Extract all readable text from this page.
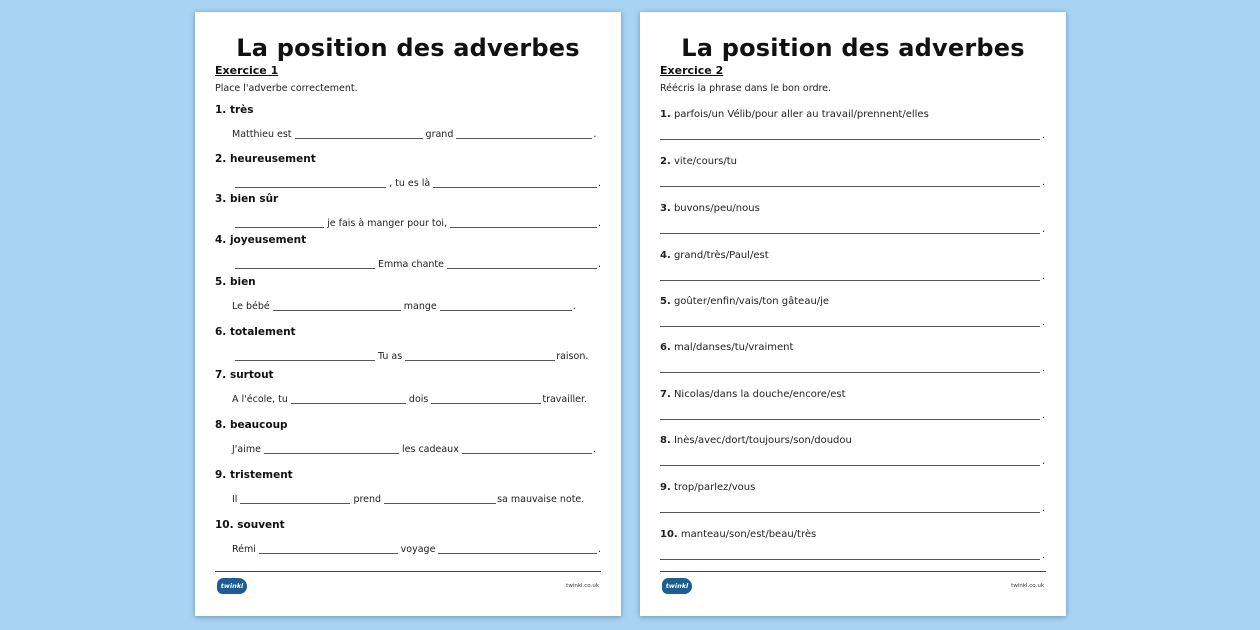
La position des adverbes
Exercice 1
Place l'adverbe correctement.
1. très
Matthieu est	grand	.
2. heureusement
, tu es là	.
3. bien sûr
je fais à manger pour toi,	.
4. joyeusement
Emma chante	.
5. bien
Le bébé	mange	.
6. totalement
Tu as	raison.
7. surtout
A l'école, tu	dois	travailler.
8. beaucoup
J'aime	les cadeaux	.
9. tristement
Il	prend	sa mauvaise note.
10. souvent
Rémi	voyage	.
twinkl	twinkl.co.uk
La position des adverbes
Exercice 2
Réécris la phrase dans le bon ordre.
1. parfois/un Vélib/pour aller au travail/prennent/elles
.
2. vite/cours/tu
.
3. buvons/peu/nous
.
4. grand/très/Paul/est
.
5. goûter/enfin/vais/ton gâteau/je
.
6. mal/danses/tu/vraiment
.
7. Nicolas/dans la douche/encore/est
.
8. Inès/avec/dort/toujours/son/doudou
.
9. trop/parlez/vous
.
10. manteau/son/est/beau/très
.
twinkl	twinkl.co.uk
